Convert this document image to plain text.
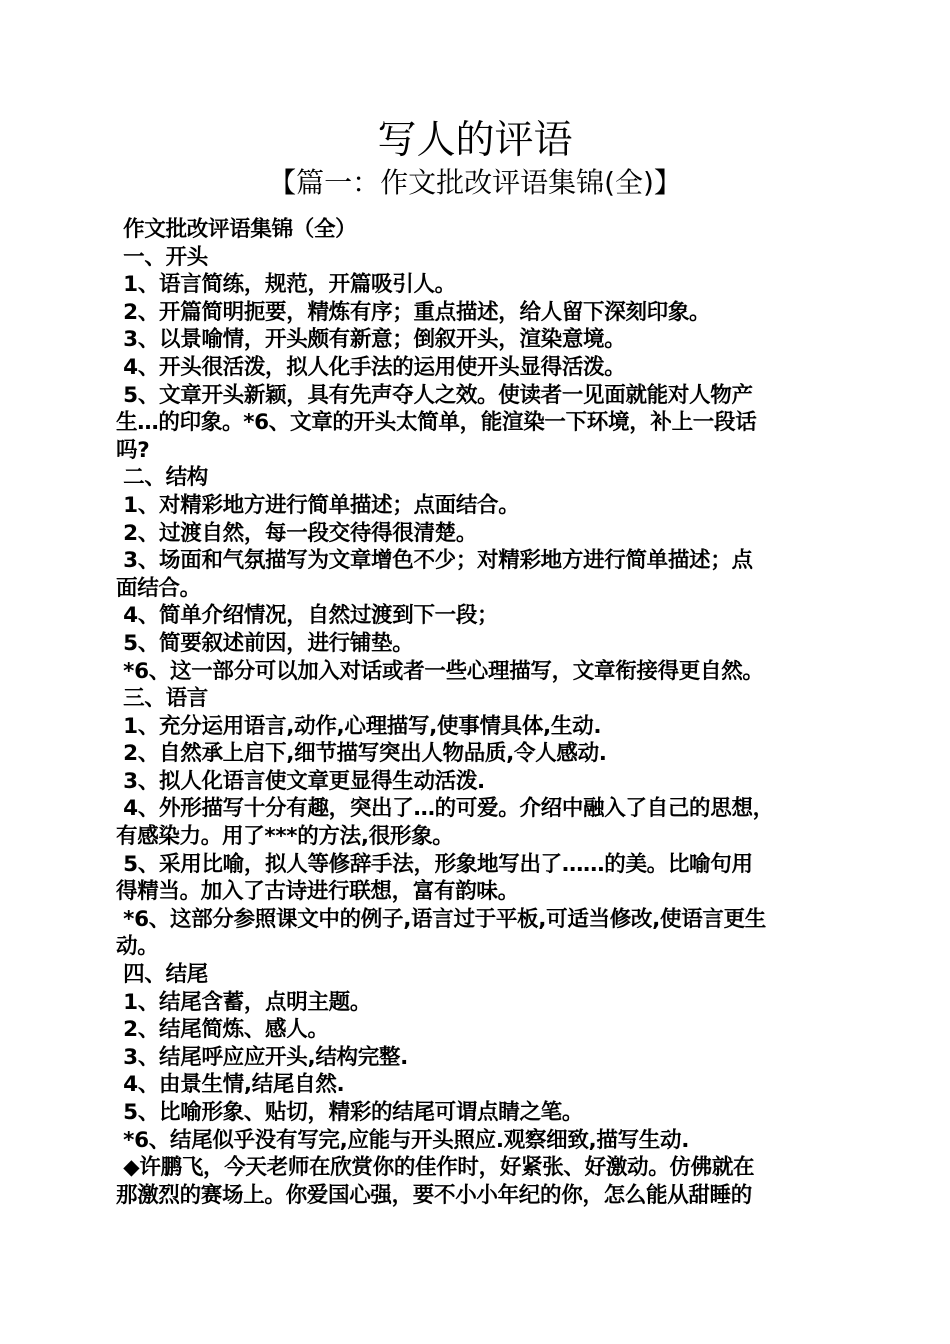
写人的评语
【篇一：作文批改评语集锦(全)】
作文批改评语集锦（全）
一、开头
1、语言简练，规范，开篇吸引人。
2、开篇简明扼要，精炼有序；重点描述，给人留下深刻印象。
3、以景喻情，开头颇有新意；倒叙开头，渲染意境。
4、开头很活泼，拟人化手法的运用使开头显得活泼。
5、文章开头新颖，具有先声夺人之效。使读者一见面就能对人物产
生…的印象。*6、文章的开头太简单，能渲染一下环境，补上一段话
吗?
二、结构
1、对精彩地方进行简单描述；点面结合。
2、过渡自然，每一段交待得很清楚。
3、场面和气氛描写为文章增色不少；对精彩地方进行简单描述；点
面结合。
4、简单介绍情况，自然过渡到下一段；
5、简要叙述前因，进行铺垫。
*6、这一部分可以加入对话或者一些心理描写，文章衔接得更自然。
三、语言
1、充分运用语言,动作,心理描写,使事情具体,生动.
2、自然承上启下,细节描写突出人物品质,令人感动.
3、拟人化语言使文章更显得生动活泼.
4、外形描写十分有趣，突出了…的可爱。介绍中融入了自己的思想，
有感染力。用了***的方法,很形象。
5、采用比喻，拟人等修辞手法，形象地写出了……的美。比喻句用
得精当。加入了古诗进行联想，富有韵味。
*6、这部分参照课文中的例子,语言过于平板,可适当修改,使语言更生
动。
四、结尾
1、结尾含蓄，点明主题。
2、结尾简炼、感人。
3、结尾呼应应开头,结构完整.
4、由景生情,结尾自然.
5、比喻形象、贴切，精彩的结尾可谓点睛之笔。
*6、结尾似乎没有写完,应能与开头照应.观察细致,描写生动.
◆许鹏飞，今天老师在欣赏你的佳作时，好紧张、好激动。仿佛就在
那激烈的赛场上。你爱国心强，要不小小年纪的你，怎么能从甜睡的
